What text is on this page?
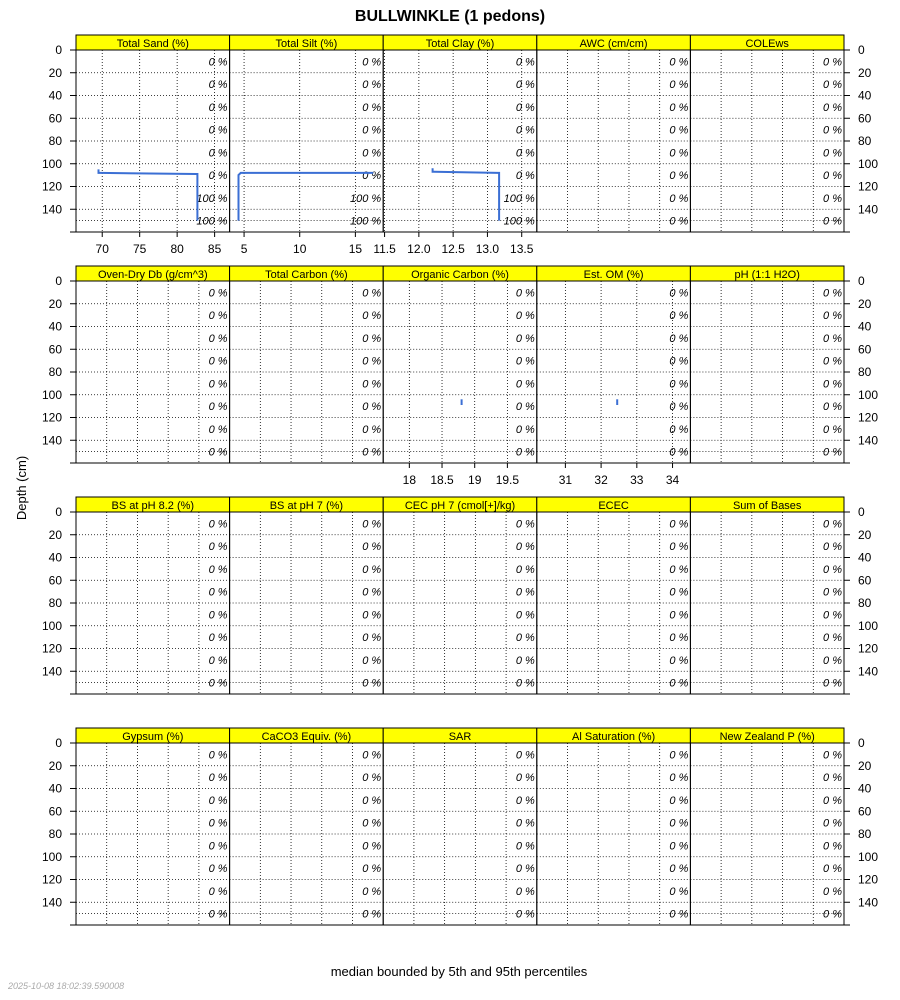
BULLWINKLE (1 pedons)
Depth (cm)
median bounded by 5th and 95th percentiles
2025-10-08 18:02:39.590008
Total Sand (%)
0 %
0 %
0 %
0 %
0 %
0 %
100 %
100 %
70 75 80 85
Total Silt (%)
0 %
0 %
0 %
0 %
0 %
0 %
100 %
100 %
5	10	15
Total Clay (%)
0 %
0 %
0 %
0 %
0 %
0 %
100 %
100 %
11.5 12.0 12.5 13.0 13.5
AWC (cm/cm)
0 %
0 %
0 %
0 %
0 %
0 %
0 %
0 %
COLEws
0 %
0 %
0 %
0 %
0 %
0 %
0 %
0 %
0	0
20	20
40	40
60	60
80	80
100	100
120	120
140	140
Oven-Dry Db (g/cm^3)
0 %
0 %
0 %
0 %
0 %
0 %
0 %
0 %
Total Carbon (%)
0 %
0 %
0 %
0 %
0 %
0 %
0 %
0 %
Organic Carbon (%)
0 %
0 %
0 %
0 %
0 %
0 %
0 %
0 %
18 18.5 19 19.5
Est. OM (%)
0 %
0 %
0 %
0 %
0 %
0 %
0 %
0 %
31 32 33 34
pH (1:1 H2O)
0 %
0 %
0 %
0 %
0 %
0 %
0 %
0 %
0	0
20	20
40	40
60	60
80	80
100	100
120	120
140	140
BS at pH 8.2 (%)
0 %
0 %
0 %
0 %
0 %
0 %
0 %
0 %
BS at pH 7 (%)
0 %
0 %
0 %
0 %
0 %
0 %
0 %
0 %
CEC pH 7 (cmol[+]/kg)
0 %
0 %
0 %
0 %
0 %
0 %
0 %
0 %
ECEC
0 %
0 %
0 %
0 %
0 %
0 %
0 %
0 %
Sum of Bases
0 %
0 %
0 %
0 %
0 %
0 %
0 %
0 %
0	0
20	20
40	40
60	60
80	80
100	100
120	120
140	140
Gypsum (%)
0 %
0 %
0 %
0 %
0 %
0 %
0 %
0 %
CaCO3 Equiv. (%)
0 %
0 %
0 %
0 %
0 %
0 %
0 %
0 %
SAR
0 %
0 %
0 %
0 %
0 %
0 %
0 %
0 %
Al Saturation (%)
0 %
0 %
0 %
0 %
0 %
0 %
0 %
0 %
New Zealand P (%)
0 %
0 %
0 %
0 %
0 %
0 %
0 %
0 %
0	0
20	20
40	40
60	60
80	80
100	100
120	120
140	140
